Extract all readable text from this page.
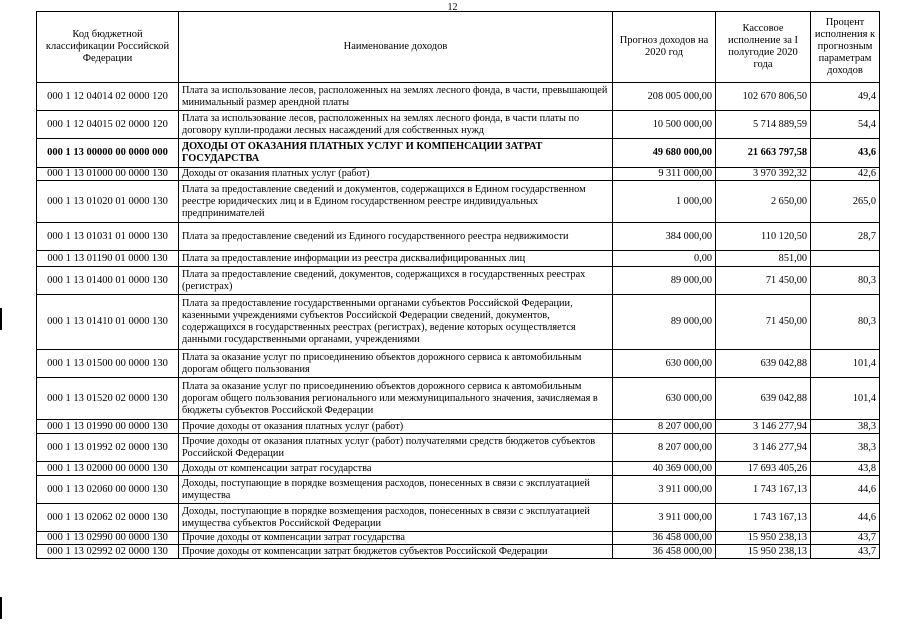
12
Код бюджетной классификации Российской Федерации	Наименование доходов	Прогноз доходов на 2020 год	Кассовое исполнение за I полугодие 2020 года	Процент исполнения к прогнозным параметрам доходов
000 1 12 04014 02 0000 120	Плата за использование лесов, расположенных на землях лесного фонда, в части, превышающей минимальный размер арендной платы	208 005 000,00	102 670 806,50	49,4
000 1 12 04015 02 0000 120	Плата за использование лесов, расположенных на землях лесного фонда, в части платы по договору купли-продажи лесных насаждений для собственных нужд	10 500 000,00	5 714 889,59	54,4
000 1 13 00000 00 0000 000	ДОХОДЫ ОТ ОКАЗАНИЯ ПЛАТНЫХ УСЛУГ И КОМПЕНСАЦИИ ЗАТРАТ ГОСУДАРСТВА	49 680 000,00	21 663 797,58	43,6
000 1 13 01000 00 0000 130	Доходы от оказания платных услуг (работ)	9 311 000,00	3 970 392,32	42,6
000 1 13 01020 01 0000 130	Плата за предоставление сведений и документов, содержащихся в Едином государственном реестре юридических лиц и в Едином государственном реестре индивидуальных предпринимателей	1 000,00	2 650,00	265,0
000 1 13 01031 01 0000 130	Плата за предоставление сведений из Единого государственного реестра недвижимости	384 000,00	110 120,50	28,7
000 1 13 01190 01 0000 130	Плата за предоставление информации из реестра дисквалифицированных лиц	0,00	851,00	
000 1 13 01400 01 0000 130	Плата за предоставление сведений, документов, содержащихся в государственных реестрах (регистрах)	89 000,00	71 450,00	80,3
000 1 13 01410 01 0000 130	Плата за предоставление государственными органами субъектов Российской Федерации, казенными учреждениями субъектов Российской Федерации сведений, документов, содержащихся в государственных реестрах (регистрах), ведение которых осуществляется данными государственными органами, учреждениями	89 000,00	71 450,00	80,3
000 1 13 01500 00 0000 130	Плата за оказание услуг по присоединению объектов дорожного сервиса к автомобильным дорогам общего пользования	630 000,00	639 042,88	101,4
000 1 13 01520 02 0000 130	Плата за оказание услуг по присоединению объектов дорожного сервиса к автомобильным дорогам общего пользования регионального или межмуниципального значения, зачисляемая в бюджеты субъектов Российской Федерации	630 000,00	639 042,88	101,4
000 1 13 01990 00 0000 130	Прочие доходы от оказания платных услуг (работ)	8 207 000,00	3 146 277,94	38,3
000 1 13 01992 02 0000 130	Прочие доходы от оказания платных услуг (работ) получателями средств бюджетов субъектов Российской Федерации	8 207 000,00	3 146 277,94	38,3
000 1 13 02000 00 0000 130	Доходы от компенсации затрат государства	40 369 000,00	17 693 405,26	43,8
000 1 13 02060 00 0000 130	Доходы, поступающие в порядке возмещения расходов, понесенных в связи с эксплуатацией имущества	3 911 000,00	1 743 167,13	44,6
000 1 13 02062 02 0000 130	Доходы, поступающие в порядке возмещения расходов, понесенных в связи с эксплуатацией имущества субъектов Российской Федерации	3 911 000,00	1 743 167,13	44,6
000 1 13 02990 00 0000 130	Прочие доходы от компенсации затрат государства	36 458 000,00	15 950 238,13	43,7
000 1 13 02992 02 0000 130	Прочие доходы от компенсации затрат бюджетов субъектов Российской Федерации	36 458 000,00	15 950 238,13	43,7
